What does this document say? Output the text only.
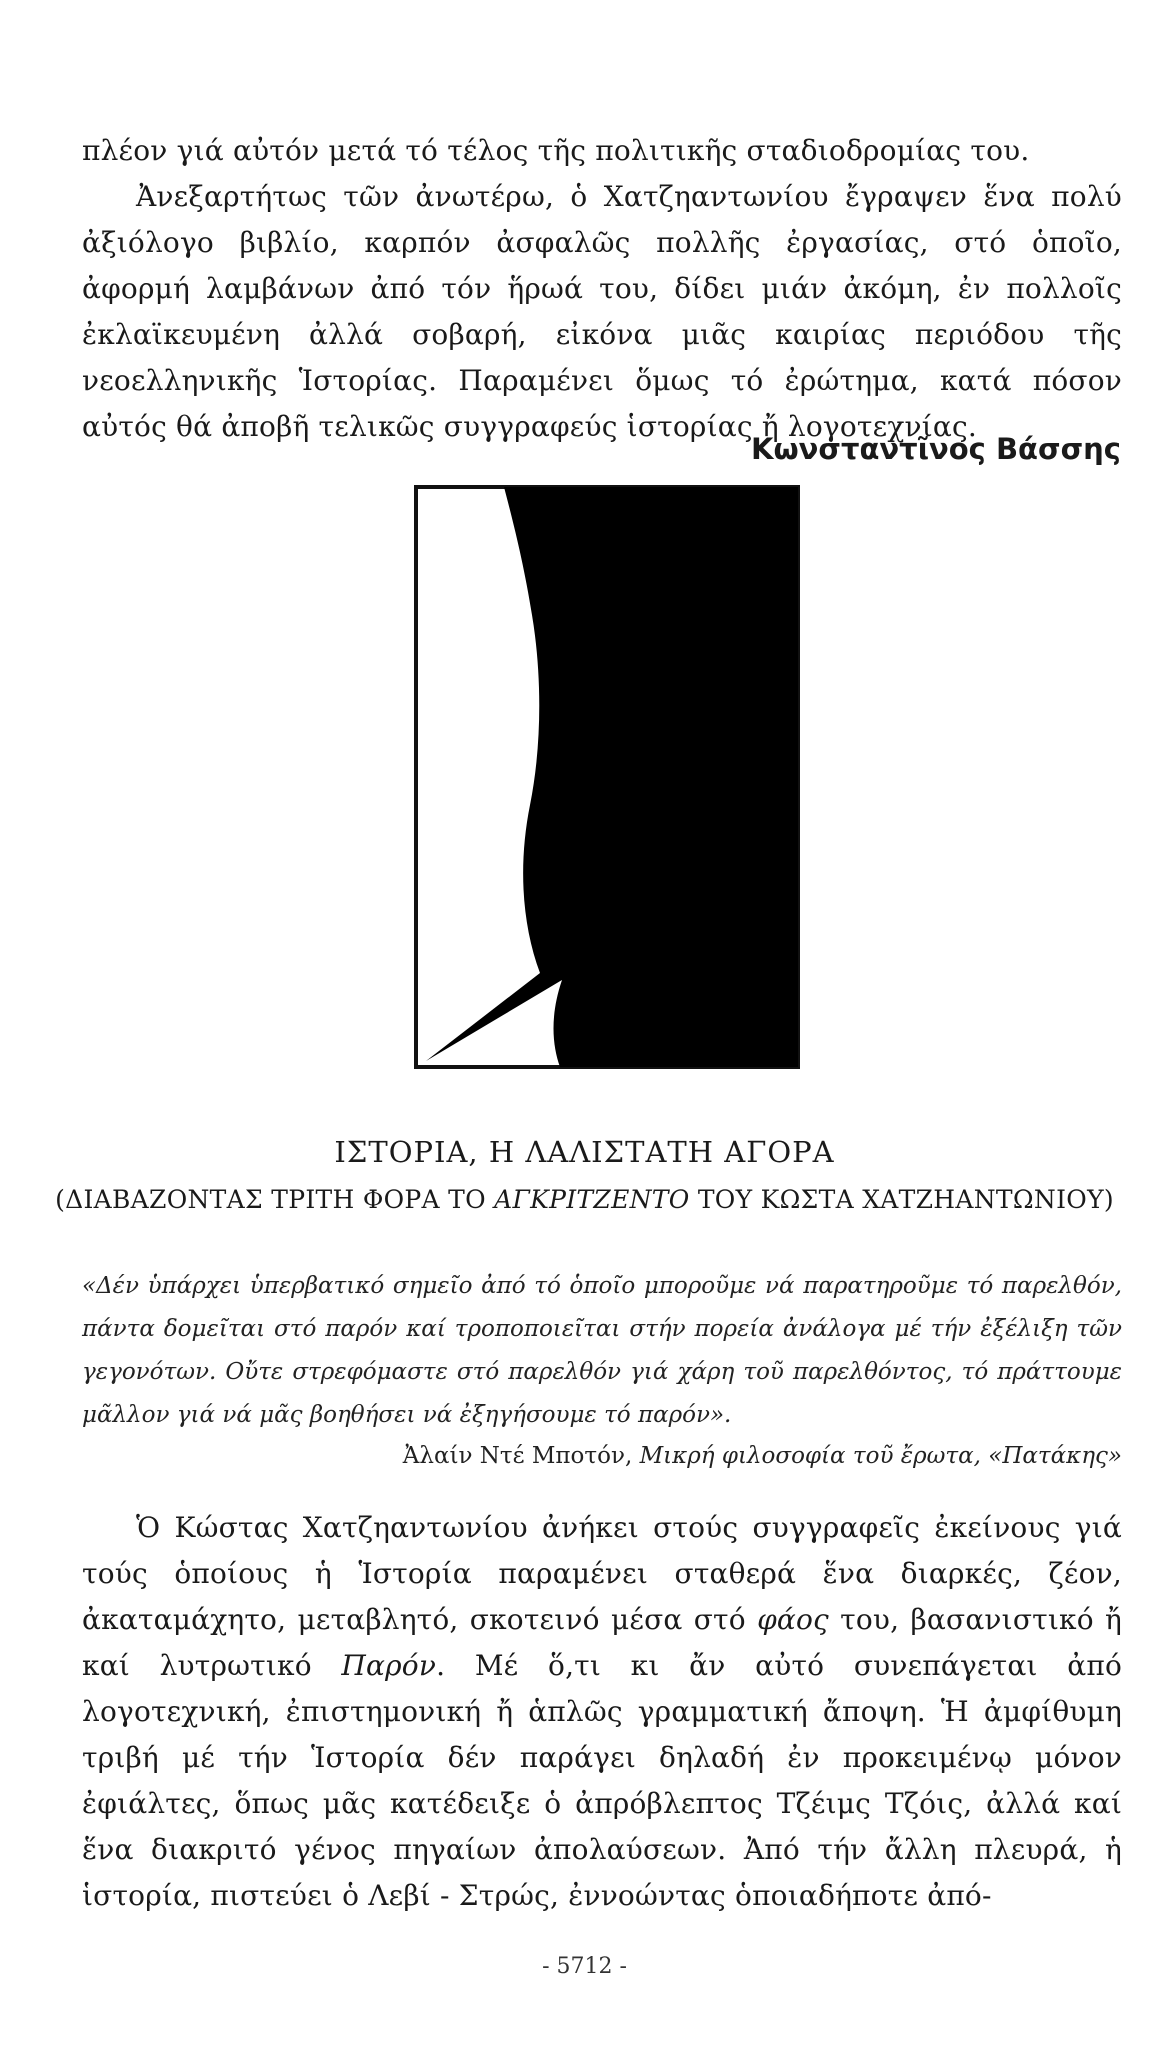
πλέον γιά αὐτόν μετά τό τέλος τῆς πολιτικῆς σταδιοδρομίας του.

Ἀνεξαρτήτως τῶν ἀνωτέρω, ὁ Χατζηαντωνίου ἔγραψεν ἕνα πολύ ἀξιόλογο βιβλίο, καρπόν ἀσφαλῶς πολλῆς ἐργασίας, στό ὁποῖο, ἀφορμή λαμβάνων ἀπό τόν ἥρωά του, δίδει μιάν ἀκόμη, ἐν πολλοῖς ἐκλαϊκευμένη ἀλλά σοβαρή, εἰκόνα μιᾶς καιρίας περιόδου τῆς νεοελληνικῆς Ἱστορίας. Παραμένει ὅμως τό ἐρώτημα, κατά πόσον αὐτός θά ἀποβῆ τελικῶς συγγραφεύς ἱστορίας ἤ λογοτεχνίας.

Κωνσταντῖνος Βάσσης
ΙΣΤΟΡΙΑ, Η ΛΑΛΙΣΤΑΤΗ ΑΓΟΡΑ
(ΔΙΑΒΑΖΟΝΤΑΣ ΤΡΙΤΗ ΦΟΡΑ ΤΟ ΑΓΚΡΙΤΖΕΝΤΟ ΤΟΥ ΚΩΣΤΑ ΧΑΤΖΗΑΝΤΩΝΙΟΥ)

«Δέν ὑπάρχει ὑπερβατικό σημεῖο ἀπό τό ὁποῖο μποροῦμε νά παρατηροῦμε τό παρελθόν, πάντα δομεῖται στό παρόν καί τροποποιεῖται στήν πορεία ἀνάλογα μέ τήν ἐξέλιξη τῶν γεγονότων. Οὔτε στρεφόμαστε στό παρελθόν γιά χάρη τοῦ παρελθόντος, τό πράττουμε μᾶλλον γιά νά μᾶς βοηθήσει νά ἐξηγήσουμε τό παρόν».

Ἀλαίν Ντέ Μποτόν, Μικρή φιλοσοφία τοῦ ἔρωτα, «Πατάκης»

Ὁ Κώστας Χατζηαντωνίου ἀνήκει στούς συγγραφεῖς ἐκείνους γιά τούς ὁποίους ἡ Ἱστορία παραμένει σταθερά ἕνα διαρκές, ζέον, ἀκαταμάχητο, μεταβλητό, σκοτεινό μέσα στό φάος του, βασανιστικό ἤ καί λυτρωτικό Παρόν. Μέ ὅ,τι κι ἄν αὐτό συνεπάγεται ἀπό λογοτεχνική, ἐπιστημονική ἤ ἁπλῶς γραμματική ἄποψη. Ἡ ἀμφίθυμη τριβή μέ τήν Ἱστορία δέν παράγει δηλαδή ἐν προκειμένῳ μόνον ἐφιάλτες, ὅπως μᾶς κατέδειξε ὁ ἀπρόβλεπτος Τζέιμς Τζόις, ἀλλά καί ἕνα διακριτό γένος πηγαίων ἀπολαύσεων. Ἀπό τήν ἄλλη πλευρά, ἡ ἱστορία, πιστεύει ὁ Λεβί - Στρώς, ἐννοώντας ὁποιαδήποτε ἀπό-

- 5712 -
